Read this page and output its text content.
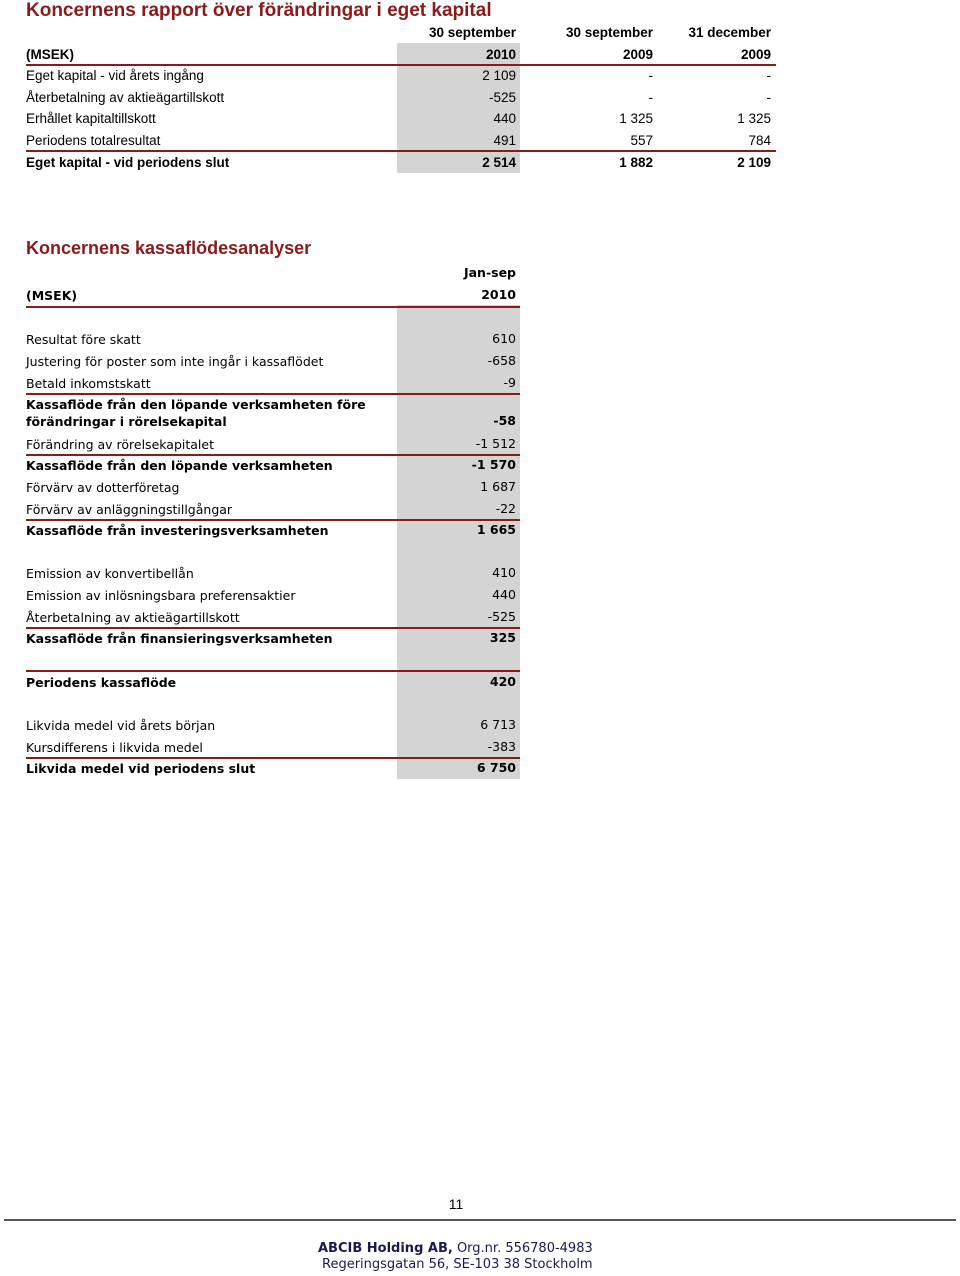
Koncernens rapport över förändringar i eget kapital
30 september	30 september	31 december
(MSEK)	2010	2009	2009
Eget kapital - vid årets ingång	2 109	-	-
Återbetalning av aktieägartillskott	-525	-	-
Erhållet kapitaltillskott	440	1 325	1 325
Periodens totalresultat	491	557	784
Eget kapital - vid periodens slut	2 514	1 882	2 109
Koncernens kassaflödesanalyser
Jan-sep
(MSEK)	2010
Resultat före skatt	610
Justering för poster som inte ingår i kassaflödet	-658
Betald inkomstskatt	-9
Kassaflöde från den löpande verksamheten före
förändringar i rörelsekapital	-58
Förändring av rörelsekapitalet	-1 512
Kassaflöde från den löpande verksamheten	-1 570
Förvärv av dotterföretag	1 687
Förvärv av anläggningstillgångar	-22
Kassaflöde från investeringsverksamheten	1 665
Emission av konvertibellån	410
Emission av inlösningsbara preferensaktier	440
Återbetalning av aktieägartillskott	-525
Kassaflöde från finansieringsverksamheten	325
Periodens kassaflöde	420
Likvida medel vid årets början	6 713
Kursdifferens i likvida medel	-383
Likvida medel vid periodens slut	6 750
11
ABCIB Holding AB, Org.nr. 556780-4983
Regeringsgatan 56, SE-103 38 Stockholm
